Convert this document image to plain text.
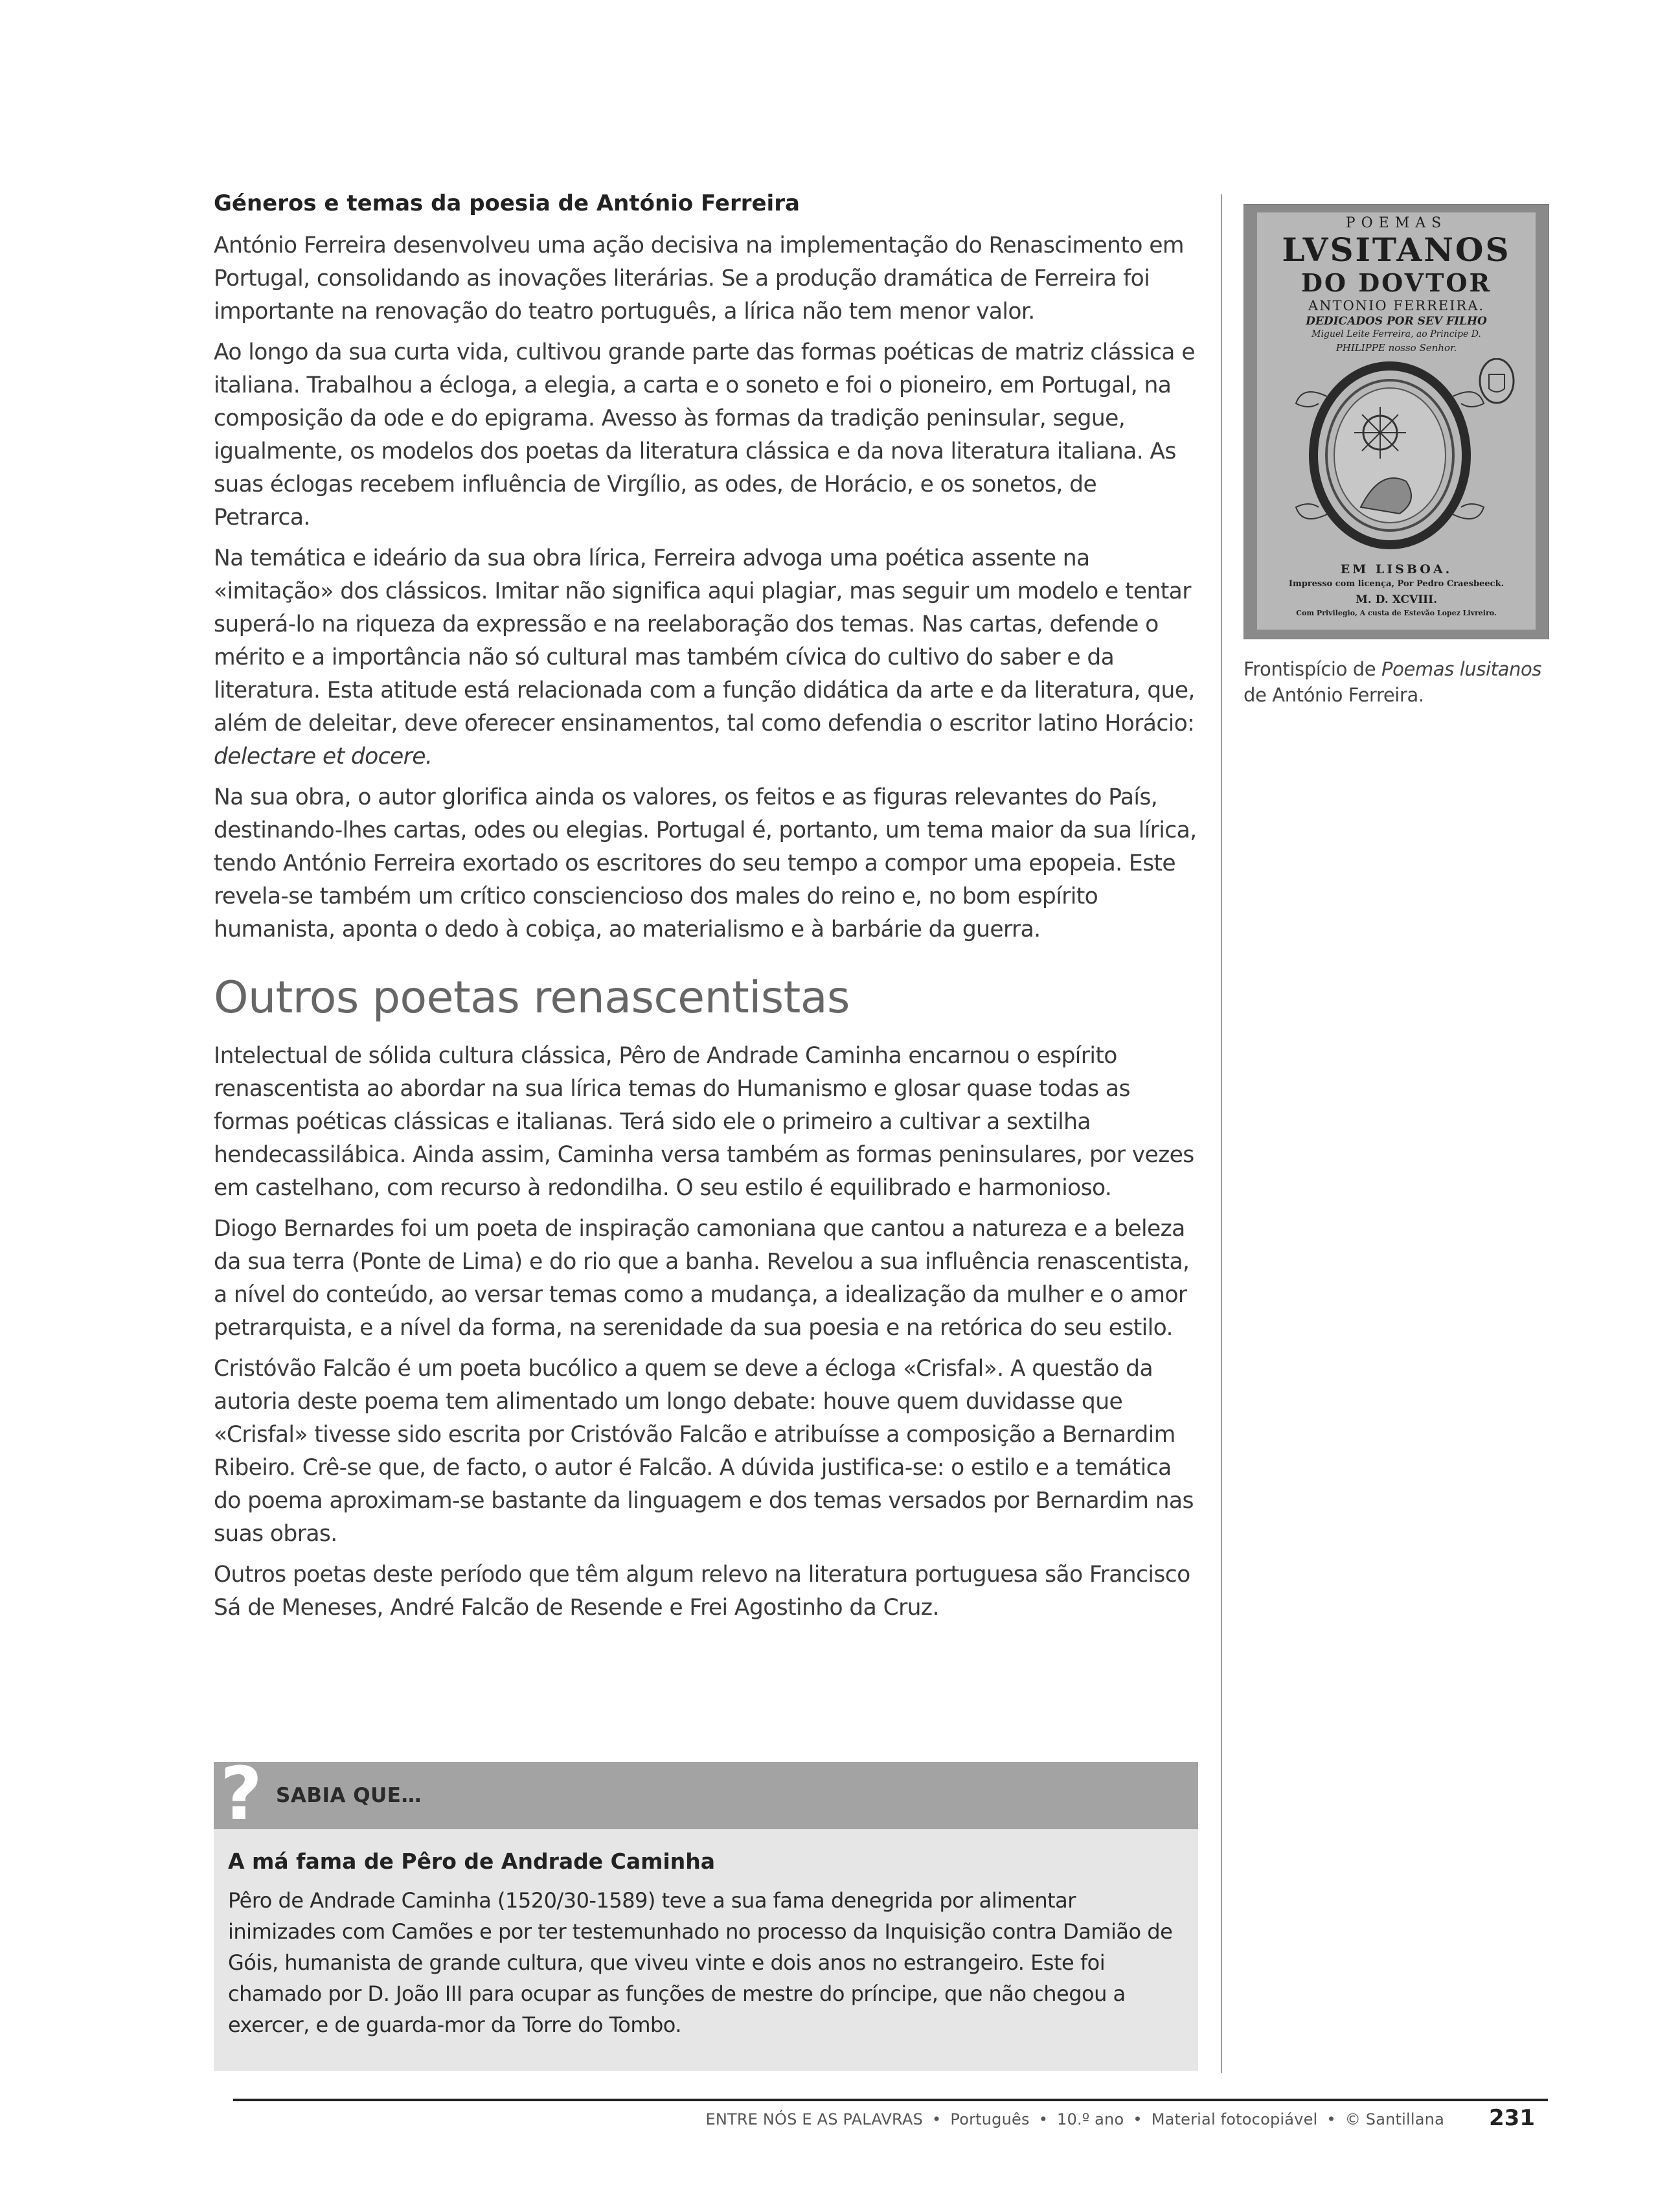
Géneros e temas da poesia de António Ferreira

António Ferreira desenvolveu uma ação decisiva na implementação do Renascimento em Portugal, consolidando as inovações literárias. Se a produção dramática de Ferreira foi importante na renovação do teatro português, a lírica não tem menor valor.

Ao longo da sua curta vida, cultivou grande parte das formas poéticas de matriz clássica e italiana. Trabalhou a écloga, a elegia, a carta e o soneto e foi o pioneiro, em Portugal, na composição da ode e do epigrama. Avesso às formas da tradição peninsular, segue, igualmente, os modelos dos poetas da literatura clássica e da nova literatura italiana. As suas éclogas recebem influência de Virgílio, as odes, de Horácio, e os sonetos, de Petrarca.

Na temática e ideário da sua obra lírica, Ferreira advoga uma poética assente na «imitação» dos clássicos. Imitar não significa aqui plagiar, mas seguir um modelo e tentar superá-lo na riqueza da expressão e na reelaboração dos temas. Nas cartas, defende o mérito e a importância não só cultural mas também cívica do cultivo do saber e da literatura. Esta atitude está relacionada com a função didática da arte e da literatura, que, além de deleitar, deve oferecer ensinamentos, tal como defendia o escritor latino Horácio: delectare et docere.

Na sua obra, o autor glorifica ainda os valores, os feitos e as figuras relevantes do País, destinando-lhes cartas, odes ou elegias. Portugal é, portanto, um tema maior da sua lírica, tendo António Ferreira exortado os escritores do seu tempo a compor uma epopeia. Este revela-se também um crítico consciencioso dos males do reino e, no bom espírito humanista, aponta o dedo à cobiça, ao materialismo e à barbárie da guerra.

Outros poetas renascentistas

Intelectual de sólida cultura clássica, Pêro de Andrade Caminha encarnou o espírito renascentista ao abordar na sua lírica temas do Humanismo e glosar quase todas as formas poéticas clássicas e italianas. Terá sido ele o primeiro a cultivar a sextilha hendecassilábica. Ainda assim, Caminha versa também as formas peninsulares, por vezes em castelhano, com recurso à redondilha. O seu estilo é equilibrado e harmonioso.

Diogo Bernardes foi um poeta de inspiração camoniana que cantou a natureza e a beleza da sua terra (Ponte de Lima) e do rio que a banha. Revelou a sua influência renascentista, a nível do conteúdo, ao versar temas como a mudança, a idealização da mulher e o amor petrarquista, e a nível da forma, na serenidade da sua poesia e na retórica do seu estilo.

Cristóvão Falcão é um poeta bucólico a quem se deve a écloga «Crisfal». A questão da autoria deste poema tem alimentado um longo debate: houve quem duvidasse que «Crisfal» tivesse sido escrita por Cristóvão Falcão e atribuísse a composição a Bernardim Ribeiro. Crê-se que, de facto, o autor é Falcão. A dúvida justifica-se: o estilo e a temática do poema aproximam-se bastante da linguagem e dos temas versados por Bernardim nas suas obras.

Outros poetas deste período que têm algum relevo na literatura portuguesa são Francisco Sá de Meneses, André Falcão de Resende e Frei Agostinho da Cruz.

POEMAS
LVSITANOS
DO DOVTOR
ANTONIO FERREIRA.
DEDICADOS POR SEV FILHO
Miguel Leite Ferreira, ao Principe D.
PHILIPPE nosso Senhor.
EM LISBOA.
Impresso com licença, Por Pedro Craesbeeck.
M. D. XCVIII.
Com Privilegio, A custa de Estevão Lopez Livreiro.
Frontispício de Poemas lusitanos
de António Ferreira.
? SABIA QUE…
A má fama de Pêro de Andrade Caminha

Pêro de Andrade Caminha (1520/30-1589) teve a sua fama denegrida por alimentar inimizades com Camões e por ter testemunhado no processo da Inquisição contra Damião de Góis, humanista de grande cultura, que viveu vinte e dois anos no estrangeiro. Este foi chamado por D. João III para ocupar as funções de mestre do príncipe, que não chegou a exercer, e de guarda-mor da Torre do Tombo.

ENTRE NÓS E AS PALAVRAS • Português • 10.º ano • Material fotocopiável • © Santillana 231
